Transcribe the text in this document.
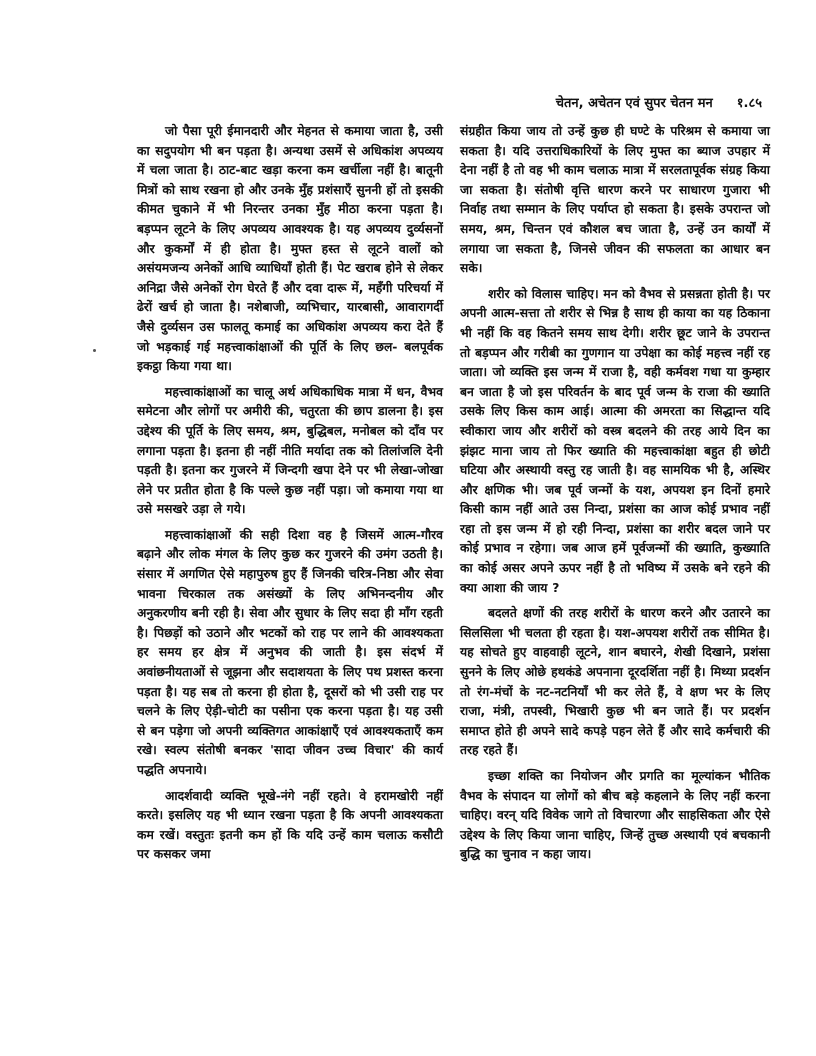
चेतन, अचेतन एवं सुपर चेतन मन १.८५

जो पैसा पूरी ईमानदारी और मेहनत से कमाया जाता है, उसी का सदुपयोग भी बन पड़ता है। अन्यथा उसमें से अधिकांश अपव्यय में चला जाता है। ठाट-बाट खड़ा करना कम खर्चीला नहीं है। बातूनी मित्रों को साथ रखना हो और उनके मुँह प्रशंसाएँ सुननी हों तो इसकी कीमत चुकाने में भी निरन्तर उनका मुँह मीठा करना पड़ता है। बड़प्पन लूटने के लिए अपव्यय आवश्यक है। यह अपव्यय दुर्व्यसनों और कुकर्मों में ही होता है। मुफ्त हस्त से लूटने वालों को असंयमजन्य अनेकों आधि व्याधियाँ होती हैं। पेट खराब होने से लेकर अनिद्रा जैसे अनेकों रोग घेरते हैं और दवा दारू में, महँगी परिचर्या में ढेरों खर्च हो जाता है। नशेबाजी, व्यभिचार, यारबासी, आवारागर्दी जैसे दुर्व्यसन उस फालतू कमाई का अधिकांश अपव्यय करा देते हैं जो भड़काई गई महत्त्वाकांक्षाओं की पूर्ति के लिए छल- बलपूर्वक इकट्ठा किया गया था।

महत्त्वाकांक्षाओं का चालू अर्थ अधिकाधिक मात्रा में धन, वैभव समेटना और लोगों पर अमीरी की, चतुरता की छाप डालना है। इस उद्देश्य की पूर्ति के लिए समय, श्रम, बुद्धिबल, मनोबल को दाँव पर लगाना पड़ता है। इतना ही नहीं नीति मर्यादा तक को तिलांजलि देनी पड़ती है। इतना कर गुजरने में जिन्दगी खपा देने पर भी लेखा-जोखा लेने पर प्रतीत होता है कि पल्ले कुछ नहीं पड़ा। जो कमाया गया था उसे मसखरे उड़ा ले गये।

महत्त्वाकांक्षाओं की सही दिशा वह है जिसमें आत्म-गौरव बढ़ाने और लोक मंगल के लिए कुछ कर गुजरने की उमंग उठती है। संसार में अगणित ऐसे महापुरुष हुए हैं जिनकी चरित्र-निष्ठा और सेवा भावना चिरकाल तक असंख्यों के लिए अभिनन्दनीय और अनुकरणीय बनी रही है। सेवा और सुधार के लिए सदा ही माँग रहती है। पिछड़ों को उठाने और भटकों को राह पर लाने की आवश्यकता हर समय हर क्षेत्र में अनुभव की जाती है। इस संदर्भ में अवांछनीयताओं से जूझना और सदाशयता के लिए पथ प्रशस्त करना पड़ता है। यह सब तो करना ही होता है, दूसरों को भी उसी राह पर चलने के लिए ऐड़ी-चोटी का पसीना एक करना पड़ता है। यह उसी से बन पड़ेगा जो अपनी व्यक्तिगत आकांक्षाएँ एवं आवश्यकताएँ कम रखे। स्वल्प संतोषी बनकर 'सादा जीवन उच्च विचार' की कार्य पद्धति अपनाये।

आदर्शवादी व्यक्ति भूखे-नंगे नहीं रहते। वे हरामखोरी नहीं करते। इसलिए यह भी ध्यान रखना पड़ता है कि अपनी आवश्यकता कम रखें। वस्तुतः इतनी कम हों कि यदि उन्हें काम चलाऊ कसौटी पर कसकर जमा

संग्रहीत किया जाय तो उन्हें कुछ ही घण्टे के परिश्रम से कमाया जा सकता है। यदि उत्तराधिकारियों के लिए मुफ्त का ब्याज उपहार में देना नहीं है तो वह भी काम चलाऊ मात्रा में सरलतापूर्वक संग्रह किया जा सकता है। संतोषी वृत्ति धारण करने पर साधारण गुजारा भी निर्वाह तथा सम्मान के लिए पर्याप्त हो सकता है। इसके उपरान्त जो समय, श्रम, चिन्तन एवं कौशल बच जाता है, उन्हें उन कार्यों में लगाया जा सकता है, जिनसे जीवन की सफलता का आधार बन सके।

शरीर को विलास चाहिए। मन को वैभव से प्रसन्नता होती है। पर अपनी आत्म-सत्ता तो शरीर से भिन्न है साथ ही काया का यह ठिकाना भी नहीं कि वह कितने समय साथ देगी। शरीर छूट जाने के उपरान्त तो बड़प्पन और गरीबी का गुणगान या उपेक्षा का कोई महत्त्व नहीं रह जाता। जो व्यक्ति इस जन्म में राजा है, वही कर्मवश गधा या कुम्हार बन जाता है जो इस परिवर्तन के बाद पूर्व जन्म के राजा की ख्याति उसके लिए किस काम आई। आत्मा की अमरता का सिद्धान्त यदि स्वीकारा जाय और शरीरों को वस्त्र बदलने की तरह आये दिन का झंझट माना जाय तो फिर ख्याति की महत्त्वाकांक्षा बहुत ही छोटी घटिया और अस्थायी वस्तु रह जाती है। वह सामयिक भी है, अस्थिर और क्षणिक भी। जब पूर्व जन्मों के यश, अपयश इन दिनों हमारे किसी काम नहीं आते उस निन्दा, प्रशंसा का आज कोई प्रभाव नहीं रहा तो इस जन्म में हो रही निन्दा, प्रशंसा का शरीर बदल जाने पर कोई प्रभाव न रहेगा। जब आज हमें पूर्वजन्मों की ख्याति, कुख्याति का कोई असर अपने ऊपर नहीं है तो भविष्य में उसके बने रहने की क्या आशा की जाय ?

बदलते क्षणों की तरह शरीरों के धारण करने और उतारने का सिलसिला भी चलता ही रहता है। यश-अपयश शरीरों तक सीमित है। यह सोचते हुए वाहवाही लूटने, शान बघारने, शेखी दिखाने, प्रशंसा सुनने के लिए ओछे हथकंडे अपनाना दूरदर्शिता नहीं है। मिथ्या प्रदर्शन तो रंग-मंचों के नट-नटनियाँ भी कर लेते हैं, वे क्षण भर के लिए राजा, मंत्री, तपस्वी, भिखारी कुछ भी बन जाते हैं। पर प्रदर्शन समाप्त होते ही अपने सादे कपड़े पहन लेते हैं और सादे कर्मचारी की तरह रहते हैं।

इच्छा शक्ति का नियोजन और प्रगति का मूल्यांकन भौतिक वैभव के संपादन या लोगों को बीच बड़े कहलाने के लिए नहीं करना चाहिए। वरन् यदि विवेक जागे तो विचारणा और साहसिकता और ऐसे उद्देश्य के लिए किया जाना चाहिए, जिन्हें तुच्छ अस्थायी एवं बचकानी बुद्धि का चुनाव न कहा जाय।
